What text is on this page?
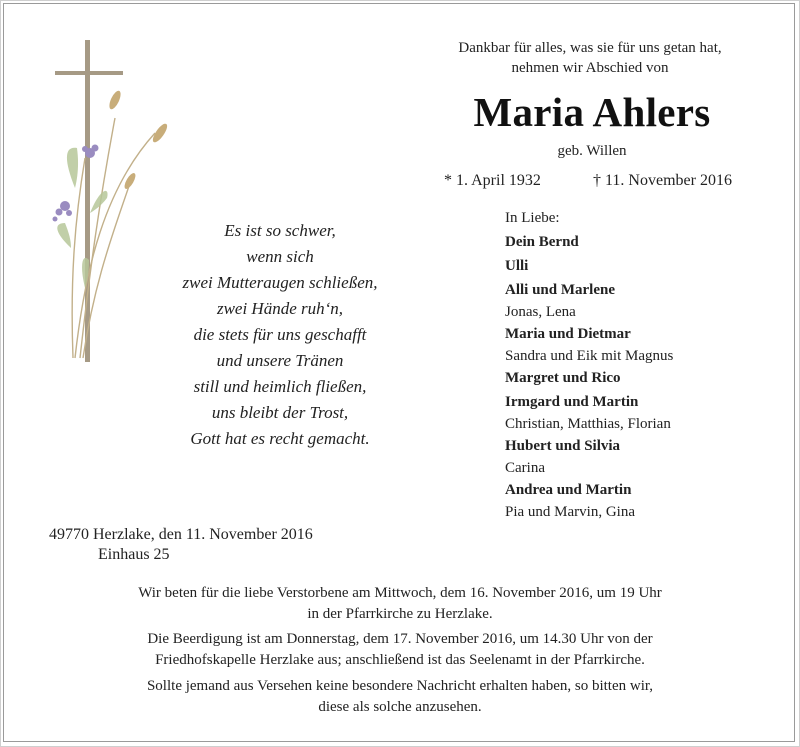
Dankbar für alles, was sie für uns getan hat,
nehmen wir Abschied von
Maria Ahlers
geb. Willen
* 1. April 1932	† 11. November 2016
Es ist so schwer,
wenn sich
zwei Mutteraugen schließen,
zwei Hände ruh‘n,
die stets für uns geschafft
und unsere Tränen
still und heimlich fließen,
uns bleibt der Trost,
Gott hat es recht gemacht.
In Liebe:
Dein Bernd
Ulli
Alli und Marlene
Jonas, Lena
Maria und Dietmar
Sandra und Eik mit Magnus
Margret und Rico
Irmgard und Martin
Christian, Matthias, Florian
Hubert und Silvia
Carina
Andrea und Martin
Pia und Marvin, Gina
49770 Herzlake, den 11. November 2016
Einhaus 25
Wir beten für die liebe Verstorbene am Mittwoch, dem 16. November 2016, um 19 Uhr
in der Pfarrkirche zu Herzlake.
Die Beerdigung ist am Donnerstag, dem 17. November 2016, um 14.30 Uhr von der
Friedhofskapelle Herzlake aus; anschließend ist das Seelenamt in der Pfarrkirche.
Sollte jemand aus Versehen keine besondere Nachricht erhalten haben, so bitten wir,
diese als solche anzusehen.
